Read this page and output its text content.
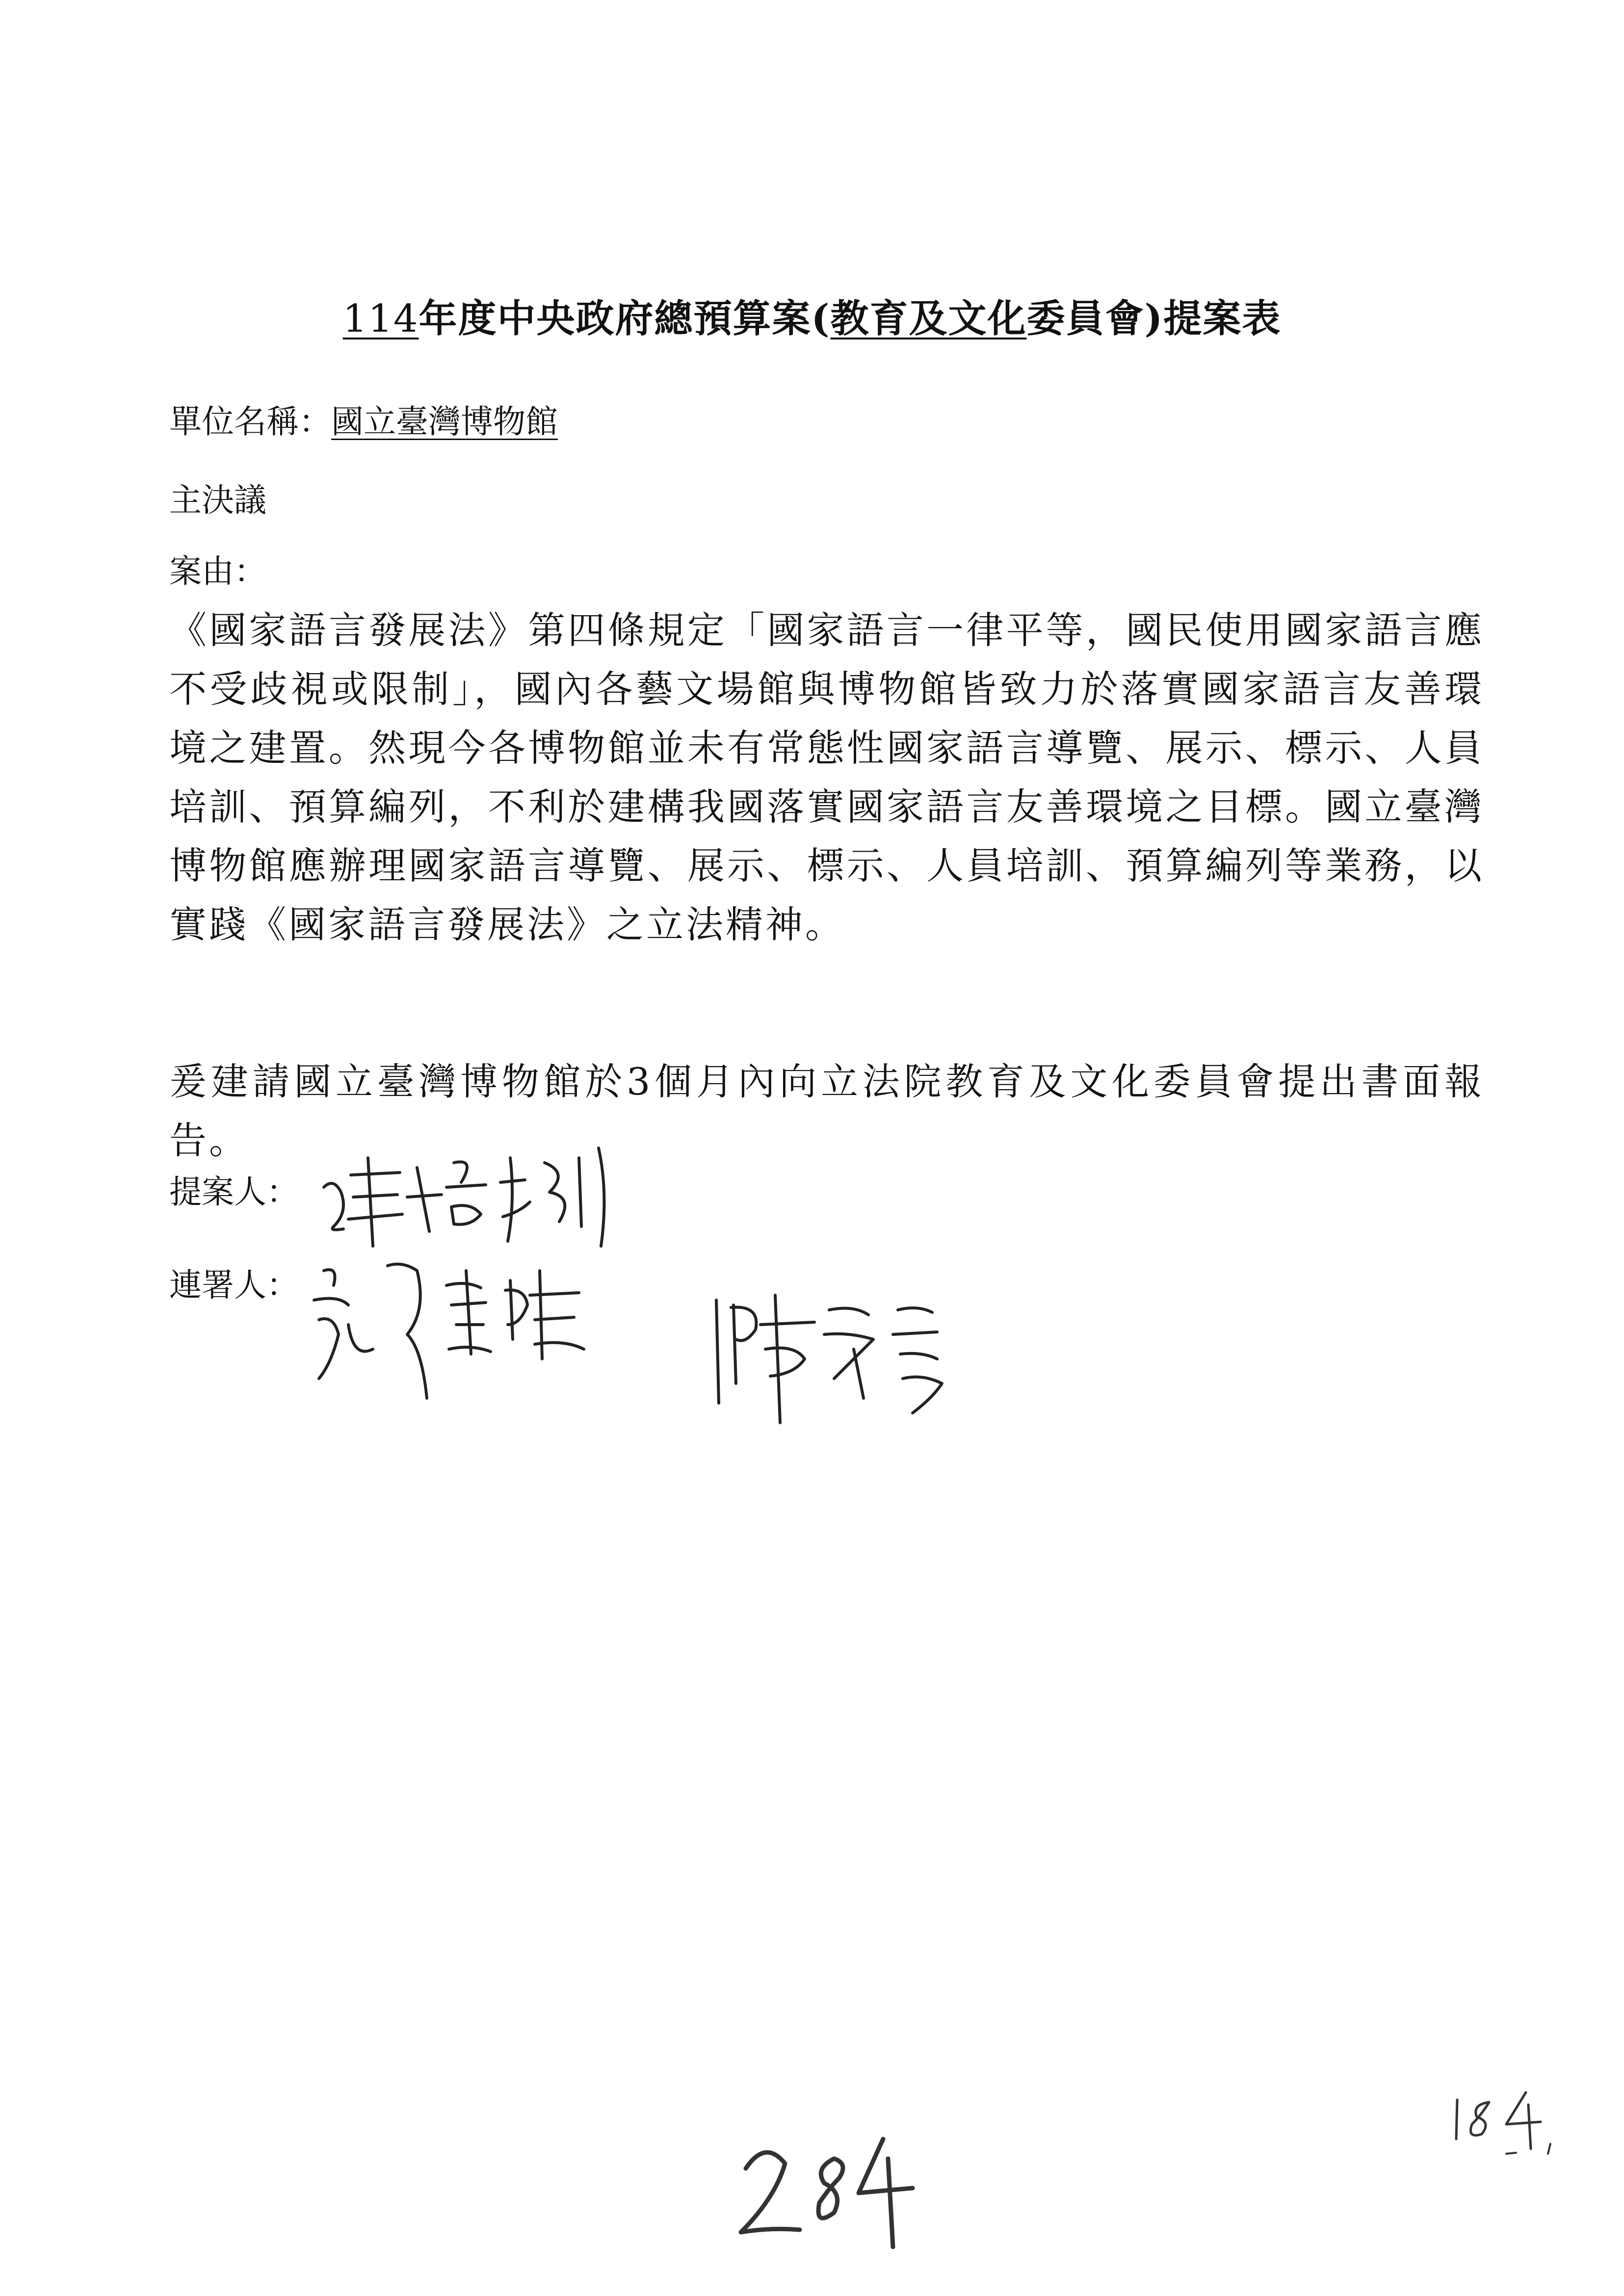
114年度中央政府總預算案(教育及文化委員會)提案表
單位名稱：國立臺灣博物館
主決議
案由：
《國家語言發展法》第四條規定「國家語言一律平等，國民使用國家語言應不受歧視或限制」，國內各藝文場館與博物館皆致力於落實國家語言友善環境之建置。然現今各博物館並未有常態性國家語言導覽、展示、標示、人員培訓、預算編列，不利於建構我國落實國家語言友善環境之目標。國立臺灣博物館應辦理國家語言導覽、展示、標示、人員培訓、預算編列等業務，以實踐《國家語言發展法》之立法精神。
爰建請國立臺灣博物館於3個月內向立法院教育及文化委員會提出書面報告。
提案人：
連署人：
